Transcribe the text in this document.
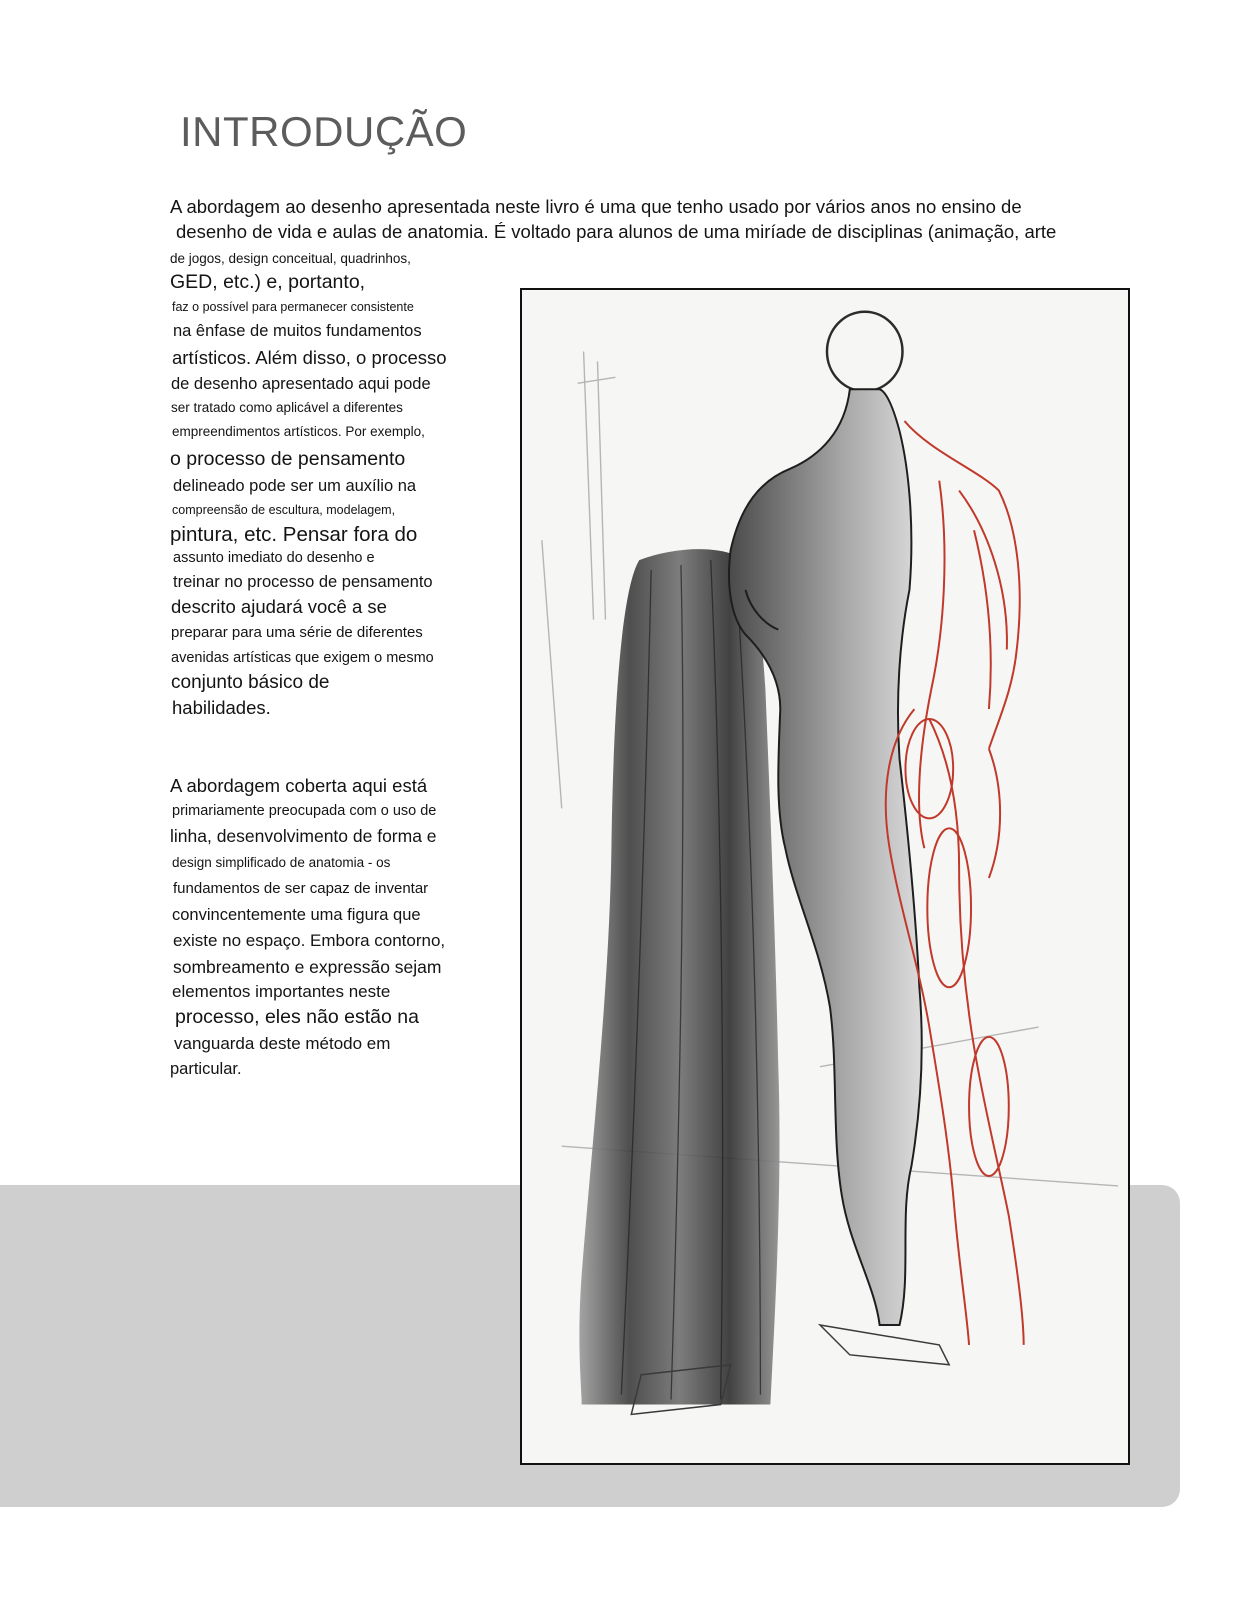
INTRODUÇÃO
A abordagem ao desenho apresentada neste livro é uma que tenho usado por vários anos no ensino de
desenho de vida e aulas de anatomia. É voltado para alunos de uma miríade de disciplinas (animação, arte
de jogos, design conceitual, quadrinhos,
GED, etc.) e, portanto,
faz o possível para permanecer consistente
na ênfase de muitos fundamentos
artísticos. Além disso, o processo
de desenho apresentado aqui pode
ser tratado como aplicável a diferentes
empreendimentos artísticos. Por exemplo,
o processo de pensamento
delineado pode ser um auxílio na
compreensão de escultura, modelagem,
pintura, etc. Pensar fora do
assunto imediato do desenho e
treinar no processo de pensamento
descrito ajudará você a se
preparar para uma série de diferentes
avenidas artísticas que exigem o mesmo
conjunto básico de
habilidades.
A abordagem coberta aqui está
primariamente preocupada com o uso de
linha, desenvolvimento de forma e
design simplificado de anatomia - os
fundamentos de ser capaz de inventar
convincentemente uma figura que
existe no espaço. Embora contorno,
sombreamento e expressão sejam
elementos importantes neste
processo, eles não estão na
vanguarda deste método em
particular.
